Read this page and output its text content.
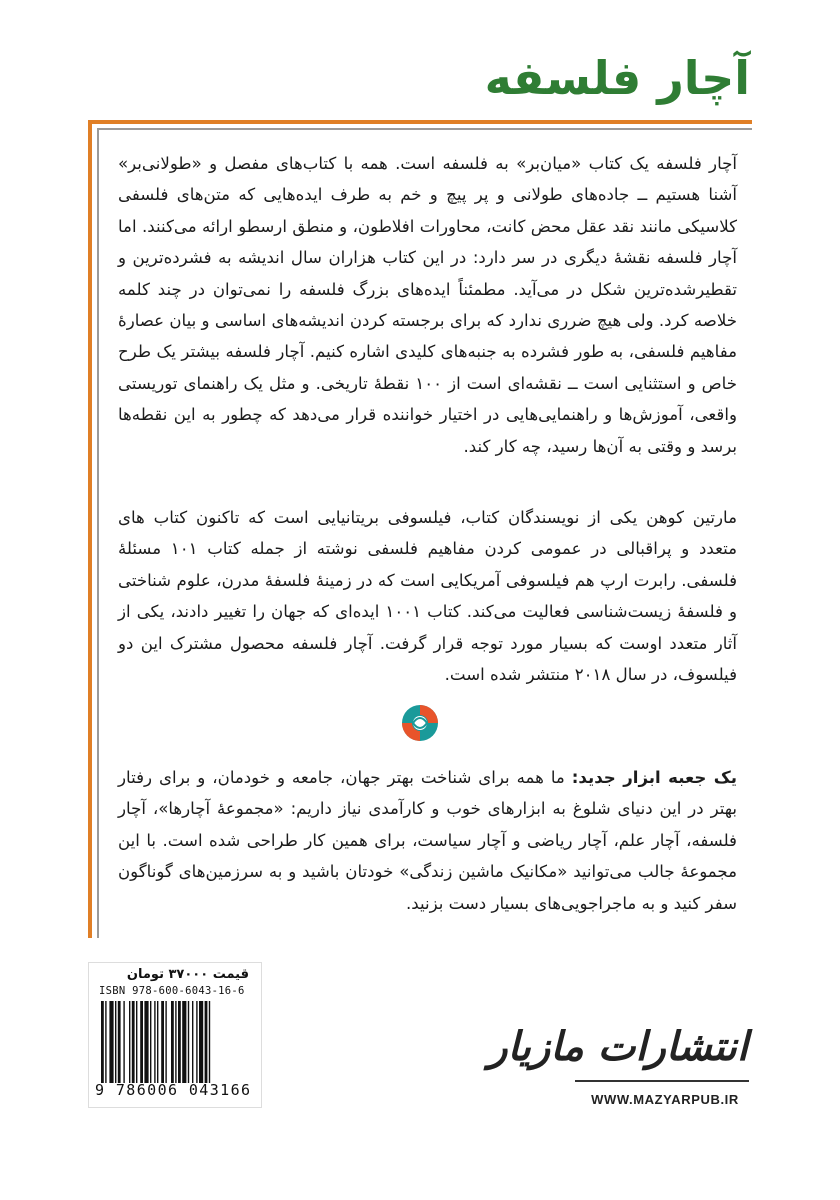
آچار فلسفه

آچار فلسفه یک کتاب «میان‌بر» به فلسفه است. همه با کتاب‌های مفصل و «طولانی‌بر» آشنا هستیم ــ جاده‌های طولانی و پر پیچ و خم به طرف ایده‌هایی که متن‌های فلسفی کلاسیکی مانند نقد عقل محض کانت، محاورات افلاطون، و منطق ارسطو ارائه می‌کنند. اما آچار فلسفه نقشهٔ دیگری در سر دارد: در این کتاب هزاران سال اندیشه به فشرده‌ترین و تقطیرشده‌ترین شکل در می‌آید. مطمئناً ایده‌های بزرگ فلسفه را نمی‌توان در چند کلمه خلاصه کرد. ولی هیچ ضرری ندارد که برای برجسته کردن اندیشه‌های اساسی و بیان عصارهٔ مفاهیم فلسفی، به طور فشرده به جنبه‌های کلیدی اشاره کنیم. آچار فلسفه بیشتر یک طرح خاص و استثنایی است ــ نقشه‌ای است از ۱۰۰ نقطهٔ تاریخی. و مثل یک راهنمای توریستی واقعی، آموزش‌ها و راهنمایی‌هایی در اختیار خواننده قرار می‌دهد که چطور به این نقطه‌ها برسد و وقتی به آن‌ها رسید، چه کار کند.

مارتین کوهن یکی از نویسندگان کتاب، فیلسوفی بریتانیایی است که تاکنون کتاب های متعدد و پراقبالی در عمومی کردن مفاهیم فلسفی نوشته از جمله کتاب ۱۰۱ مسئلهٔ فلسفی. رابرت ارپ هم فیلسوفی آمریکایی است که در زمینهٔ فلسفهٔ مدرن، علوم شناختی و فلسفهٔ زیست‌شناسی فعالیت می‌کند. کتاب ۱۰۰۱ ایده‌ای که جهان را تغییر دادند، یکی از آثار متعدد اوست که بسیار مورد توجه قرار گرفت. آچار فلسفه محصول مشترک این دو فیلسوف، در سال ۲۰۱۸ منتشر شده است.

یک جعبه ابزار جدید: ما همه برای شناخت بهتر جهان، جامعه و خودمان، و برای رفتار بهتر در این دنیای شلوغ به ابزارهای خوب و کارآمدی نیاز داریم: «مجموعهٔ آچارها»، آچار فلسفه، آچار علم، آچار ریاضی و آچار سیاست، برای همین کار طراحی شده است. با این مجموعهٔ جالب می‌توانید «مکانیک ماشین زندگی» خودتان باشید و به سرزمین‌های گوناگون سفر کنید و به ماجراجویی‌های بسیار دست بزنید.

قیمت ۳۷۰۰۰ تومان
ISBN 978-600-6043-16-6
9 786006 043166
انتشارات مازیار
WWW.MAZYARPUB.IR
